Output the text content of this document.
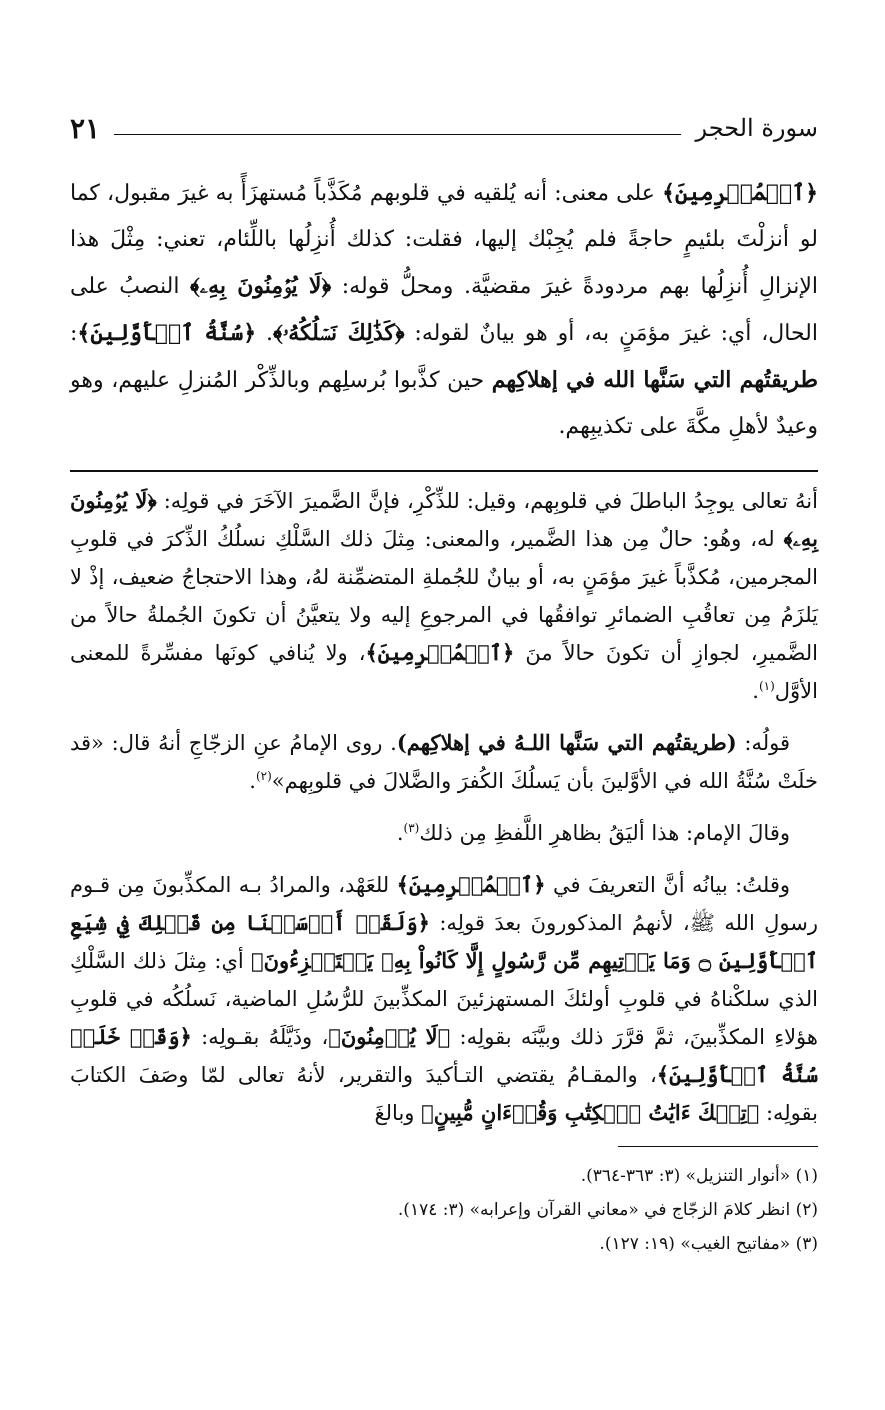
سورة الحجر
٢١

﴿ٱلۡمُجۡرِمِينَ﴾ على معنى: أنه يُلقيه في قلوبهم مُكَذَّباً مُستهزَأً به غيرَ مقبول، كما لو أنزلْتَ بلئيمٍ حاجةً فلم يُجِبْك إليها، فقلت: كذلك أُنزِلُها باللِّئام، تعني: مِثْلَ هذا الإنزالِ أُنزِلُها بهم مردودةً غيرَ مقضيَّة. ومحلُّ قوله: ﴿لَا يُؤۡمِنُونَ بِهِۦ﴾ النصبُ على الحال، أي: غيرَ مؤمَنٍ به، أو هو بيانٌ لقوله: ﴿كَذَٰلِكَ نَسۡلُكُهُۥ﴾. ﴿سُنَّةُ ٱلۡأَوَّلِينَ﴾: طريقتُهم التي سَنَّها الله في إهلاكِهم حين كذَّبوا بُرسلِهم وبالذِّكْر المُنزلِ عليهم، وهو وعيدٌ لأهلِ مكَّةَ على تكذيبِهم.

أنهُ تعالى يوجِدُ الباطلَ في قلوبِهم، وقيل: للذِّكْرِ، فإنَّ الضَّميرَ الآخَرَ في قولِه: ﴿لَا يُؤۡمِنُونَ بِهِۦ﴾ له، وهُو: حالٌ مِن هذا الضَّمير، والمعنى: مِثلَ ذلك السَّلْكِ نسلُكُ الذِّكرَ في قلوبِ المجرمين، مُكذَّباً غيرَ مؤمَنٍ به، أو بيانٌ للجُملةِ المتضمِّنة لهُ، وهذا الاحتجاجُ ضعيف، إذْ لا يَلزَمُ مِن تعاقُبِ الضمائرِ توافقُها في المرجوعِ إليه ولا يتعيَّنُ أن تكونَ الجُملةُ حالاً من الضَّميرِ، لجوازِ أن تكونَ حالاً منَ ﴿ٱلۡمُجۡرِمِينَ﴾، ولا يُنافي كونَها مفسِّرةً للمعنى الأوَّل$^{(١)}$.

قولُه: (طريقتُهم التي سَنَّها اللـهُ في إهلاكِهم). روى الإمامُ عنِ الزجّاجِ أنهُ قال: «قد خلَتْ سُنَّةُ الله في الأوَّلينَ بأن يَسلُكَ الكُفرَ والضَّلالَ في قلوبِهم»$^{(٢)}$.

وقالَ الإمام: هذا أليَقُ بظاهرِ اللَّفظِ مِن ذلك$^{(٣)}$.

وقلتُ: بيانُه أنَّ التعريفَ في ﴿ٱلۡمُجۡرِمِينَ﴾ للعَهْد، والمرادُ بـه المكذِّبونَ مِن قـوم رسولِ الله ﷺ، لأنهمُ المذكورونَ بعدَ قولِه: ﴿وَلَقَدۡ أَرۡسَلۡنَا مِن قَبۡلِكَ فِي شِيَعِ ٱلۡأَوَّلِينَ ۝ وَمَا يَأۡتِيهِم مِّن رَّسُولٍ إِلَّا كَانُواْ بِهِۦ يَسۡتَهۡزِءُونَ﴾ أي: مِثلَ ذلك السَّلْكِ الذي سلكْناهُ في قلوبِ أولئكَ المستهزئينَ المكذِّبينَ للرُّسُلِ الماضية، نَسلُكُه في قلوبِ هؤلاءِ المكذِّبينَ، ثمَّ قرَّرَ ذلك وبيَّنَه بقولِه: ﴿لَا يُؤۡمِنُونَ﴾، وذَيَّلَهُ بقـولِه: ﴿وَقَدۡ خَلَتۡ سُنَّةُ ٱلۡأَوَّلِينَ﴾، والمقـامُ يقتضي التـأكيدَ والتقرير، لأنهُ تعالى لمّا وصَفَ الكتابَ بقولِه: ﴿تِلۡكَ ءَايَٰتُ ٱلۡكِتَٰبِ وَقُرۡءَانٍ مُّبِينٍ﴾ وبالغَ

(١) «أنوار التنزيل» (٣: ٣٦٣-٣٦٤).
(٢) انظر كلامَ الزجّاج في «معاني القرآن وإعرابه» (٣: ١٧٤).
(٣) «مفاتيح الغيب» (١٩: ١٢٧).
